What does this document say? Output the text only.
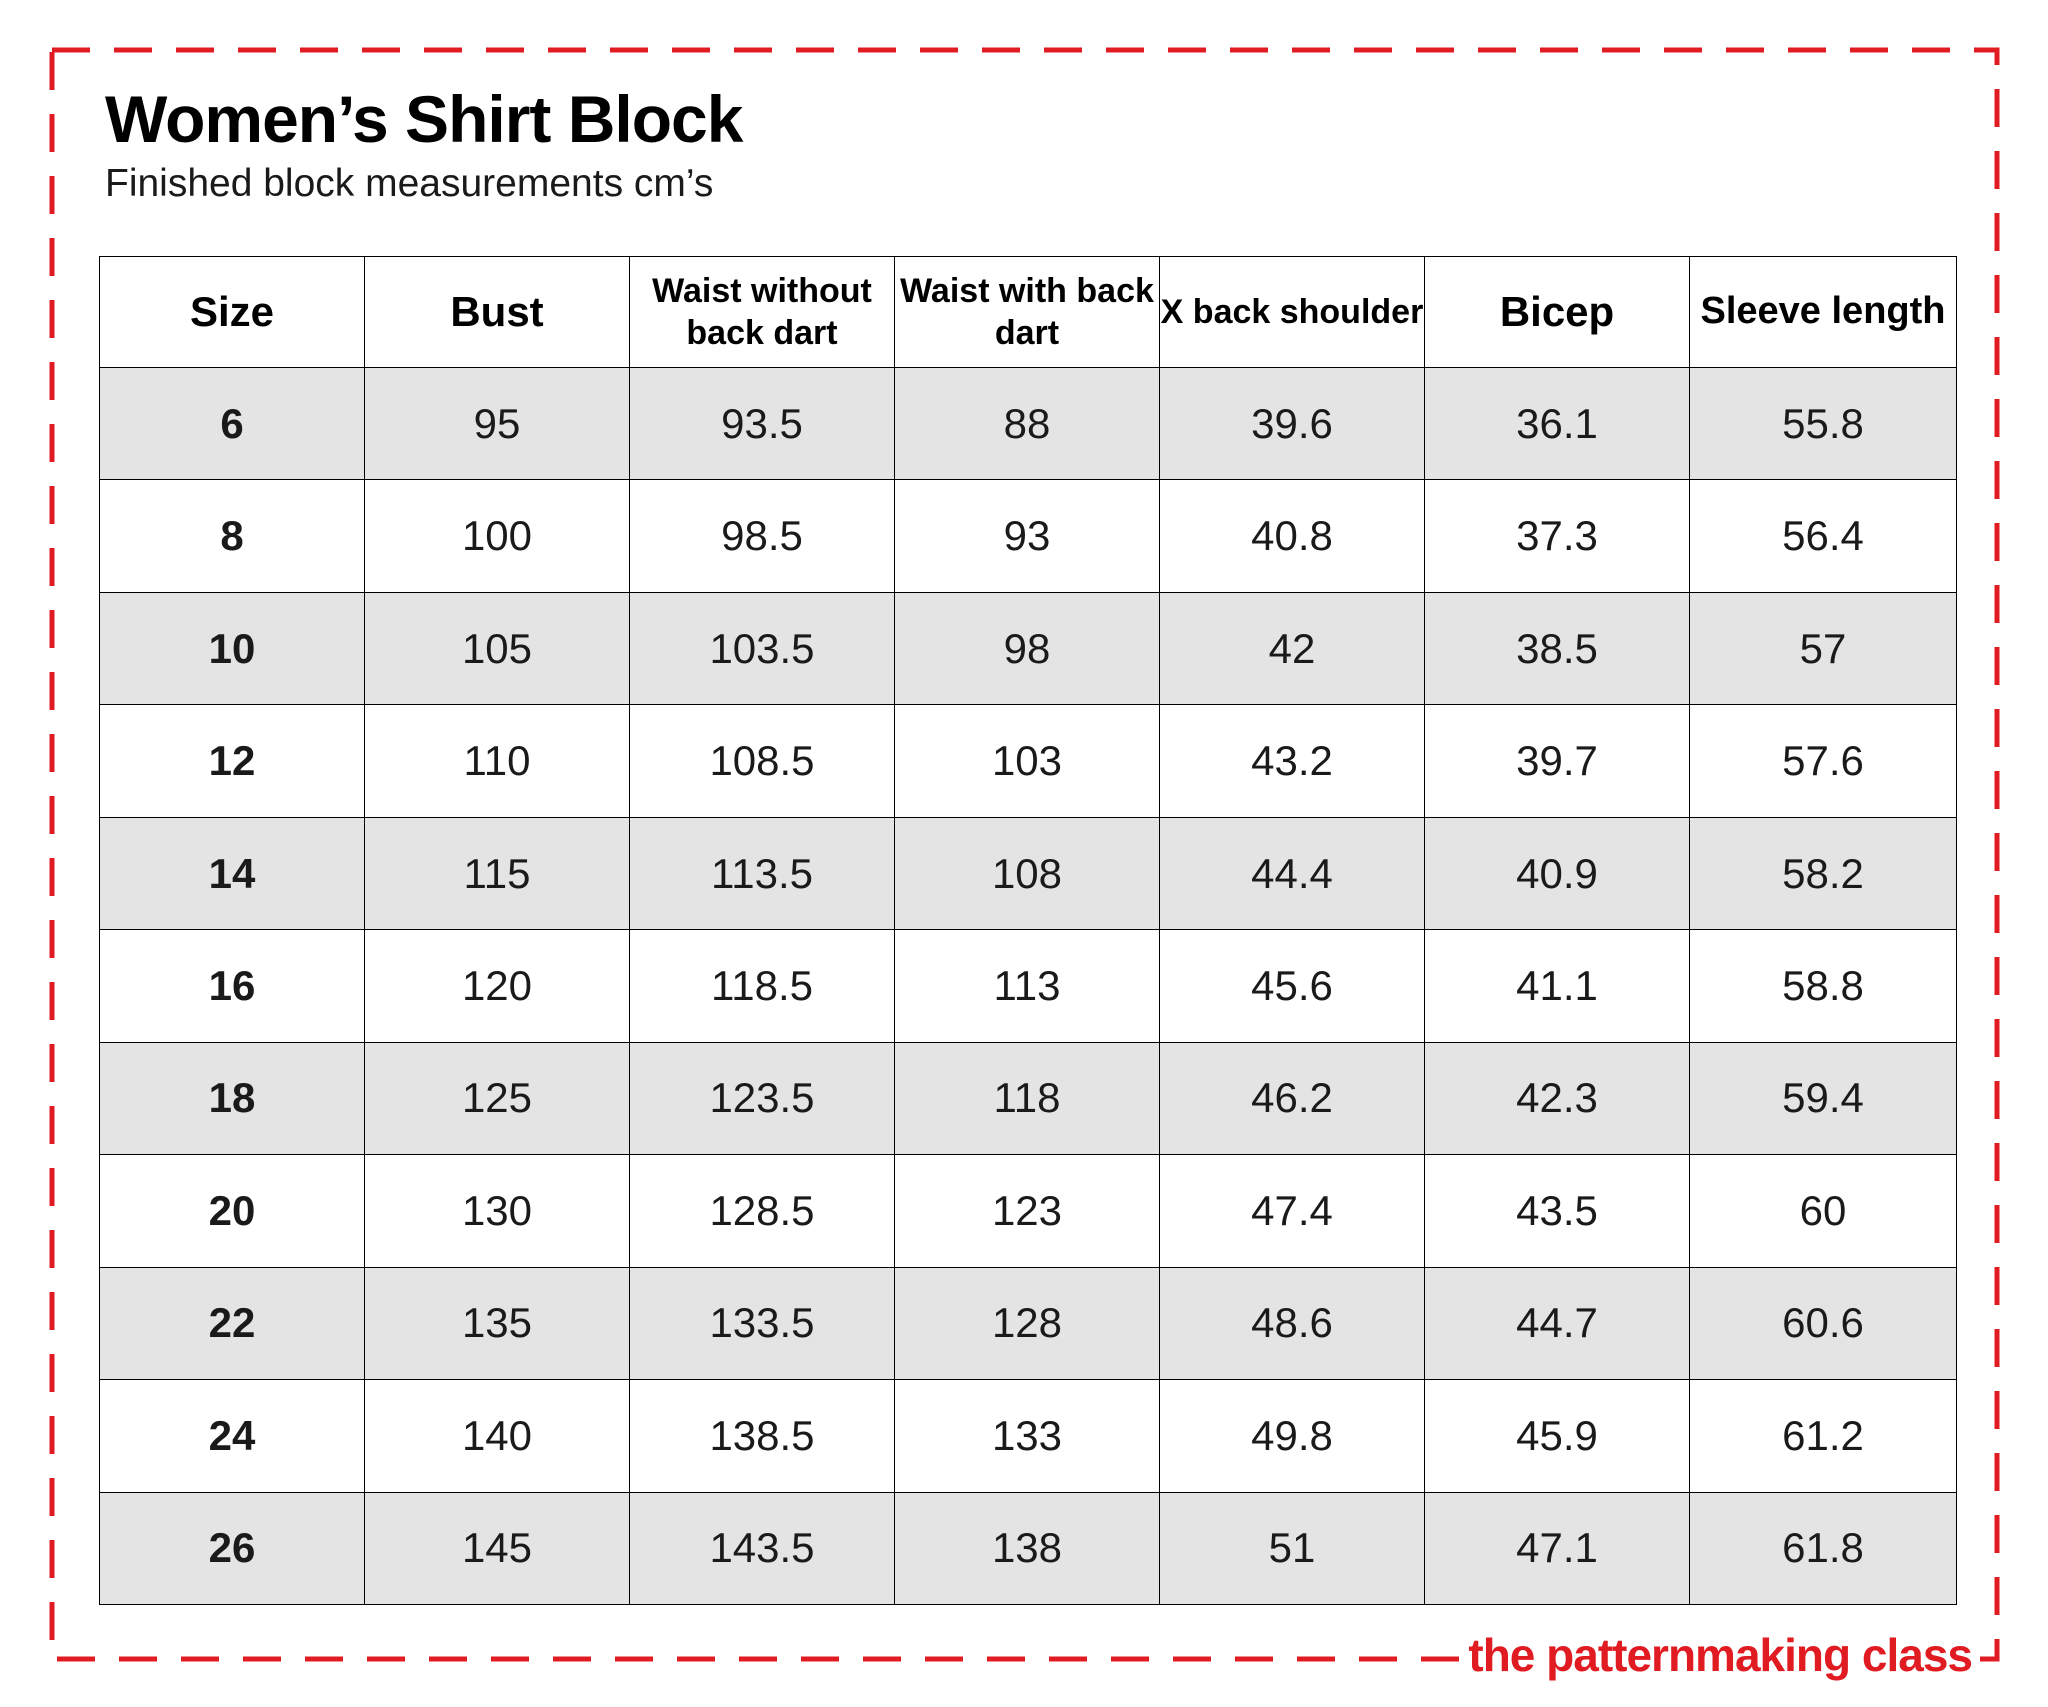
Women’s Shirt Block
Finished block measurements cm’s
Size	Bust	Waist without back dart	Waist with back dart	X back shoulder	Bicep	Sleeve length
6	95	93.5	88	39.6	36.1	55.8
8	100	98.5	93	40.8	37.3	56.4
10	105	103.5	98	42	38.5	57
12	110	108.5	103	43.2	39.7	57.6
14	115	113.5	108	44.4	40.9	58.2
16	120	118.5	113	45.6	41.1	58.8
18	125	123.5	118	46.2	42.3	59.4
20	130	128.5	123	47.4	43.5	60
22	135	133.5	128	48.6	44.7	60.6
24	140	138.5	133	49.8	45.9	61.2
26	145	143.5	138	51	47.1	61.8
the patternmaking class
